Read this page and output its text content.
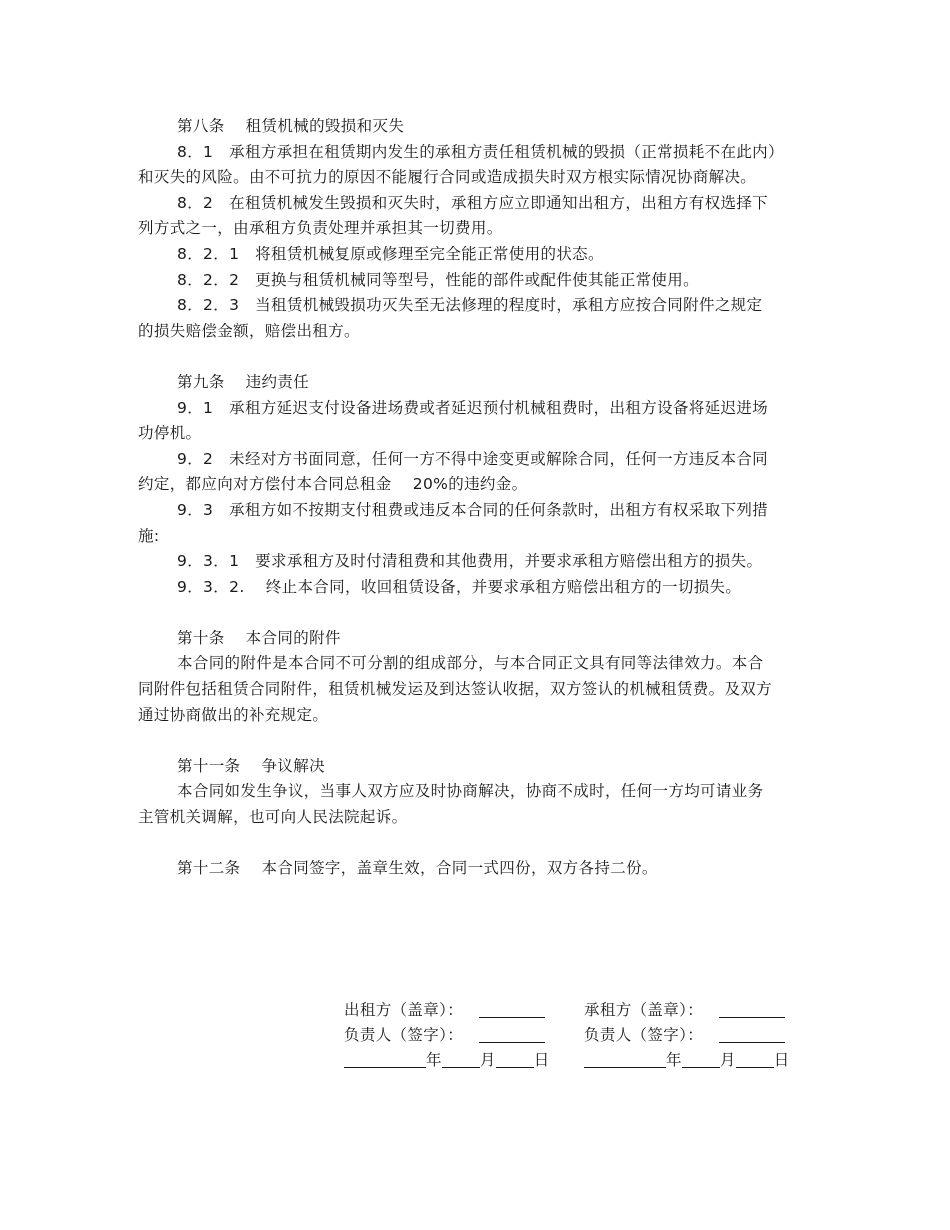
第八条　 租赁机械的毁损和灭失

8．1　承租方承担在租赁期内发生的承租方责任租赁机械的毁损（正常损耗不在此内）和灭失的风险。由不可抗力的原因不能履行合同或造成损失时双方根实际情况协商解决。

8．2　在租赁机械发生毁损和灭失时，承租方应立即通知出租方，出租方有权选择下列方式之一，由承租方负责处理并承担其一切费用。

8．2．1　将租赁机械复原或修理至完全能正常使用的状态。

8．2．2　更换与租赁机械同等型号，性能的部件或配件使其能正常使用。

8．2．3　当租赁机械毁损功灭失至无法修理的程度时，承租方应按合同附件之规定的损失赔偿金额，赔偿出租方。

第九条　 违约责任

9．1　承租方延迟支付设备进场费或者延迟预付机械租费时，出租方设备将延迟进场功停机。

9．2　未经对方书面同意，任何一方不得中途变更或解除合同，任何一方违反本合同约定，都应向对方偿付本合同总租金　 20%的违约金。

9．3　承租方如不按期支付租费或违反本合同的任何条款时，出租方有权采取下列措施:

9．3．1　要求承租方及时付清租费和其他费用，并要求承租方赔偿出租方的损失。

9．3．2.　 终止本合同，收回租赁设备，并要求承租方赔偿出租方的一切损失。

第十条　 本合同的附件

本合同的附件是本合同不可分割的组成部分，与本合同正文具有同等法律效力。本合同附件包括租赁合同附件，租赁机械发运及到达签认收据，双方签认的机械租赁费。及双方通过协商做出的补充规定。

第十一条　 争议解决

本合同如发生争议，当事人双方应及时协商解决，协商不成时，任何一方均可请业务主管机关调解，也可向人民法院起诉。

第十二条　 本合同签字，盖章生效，合同一式四份，双方各持二份。
出租方（盖章）：	承租方（盖章）：
负责人（签字）：	负责人（签字）：
年 月 日	年 月 日
